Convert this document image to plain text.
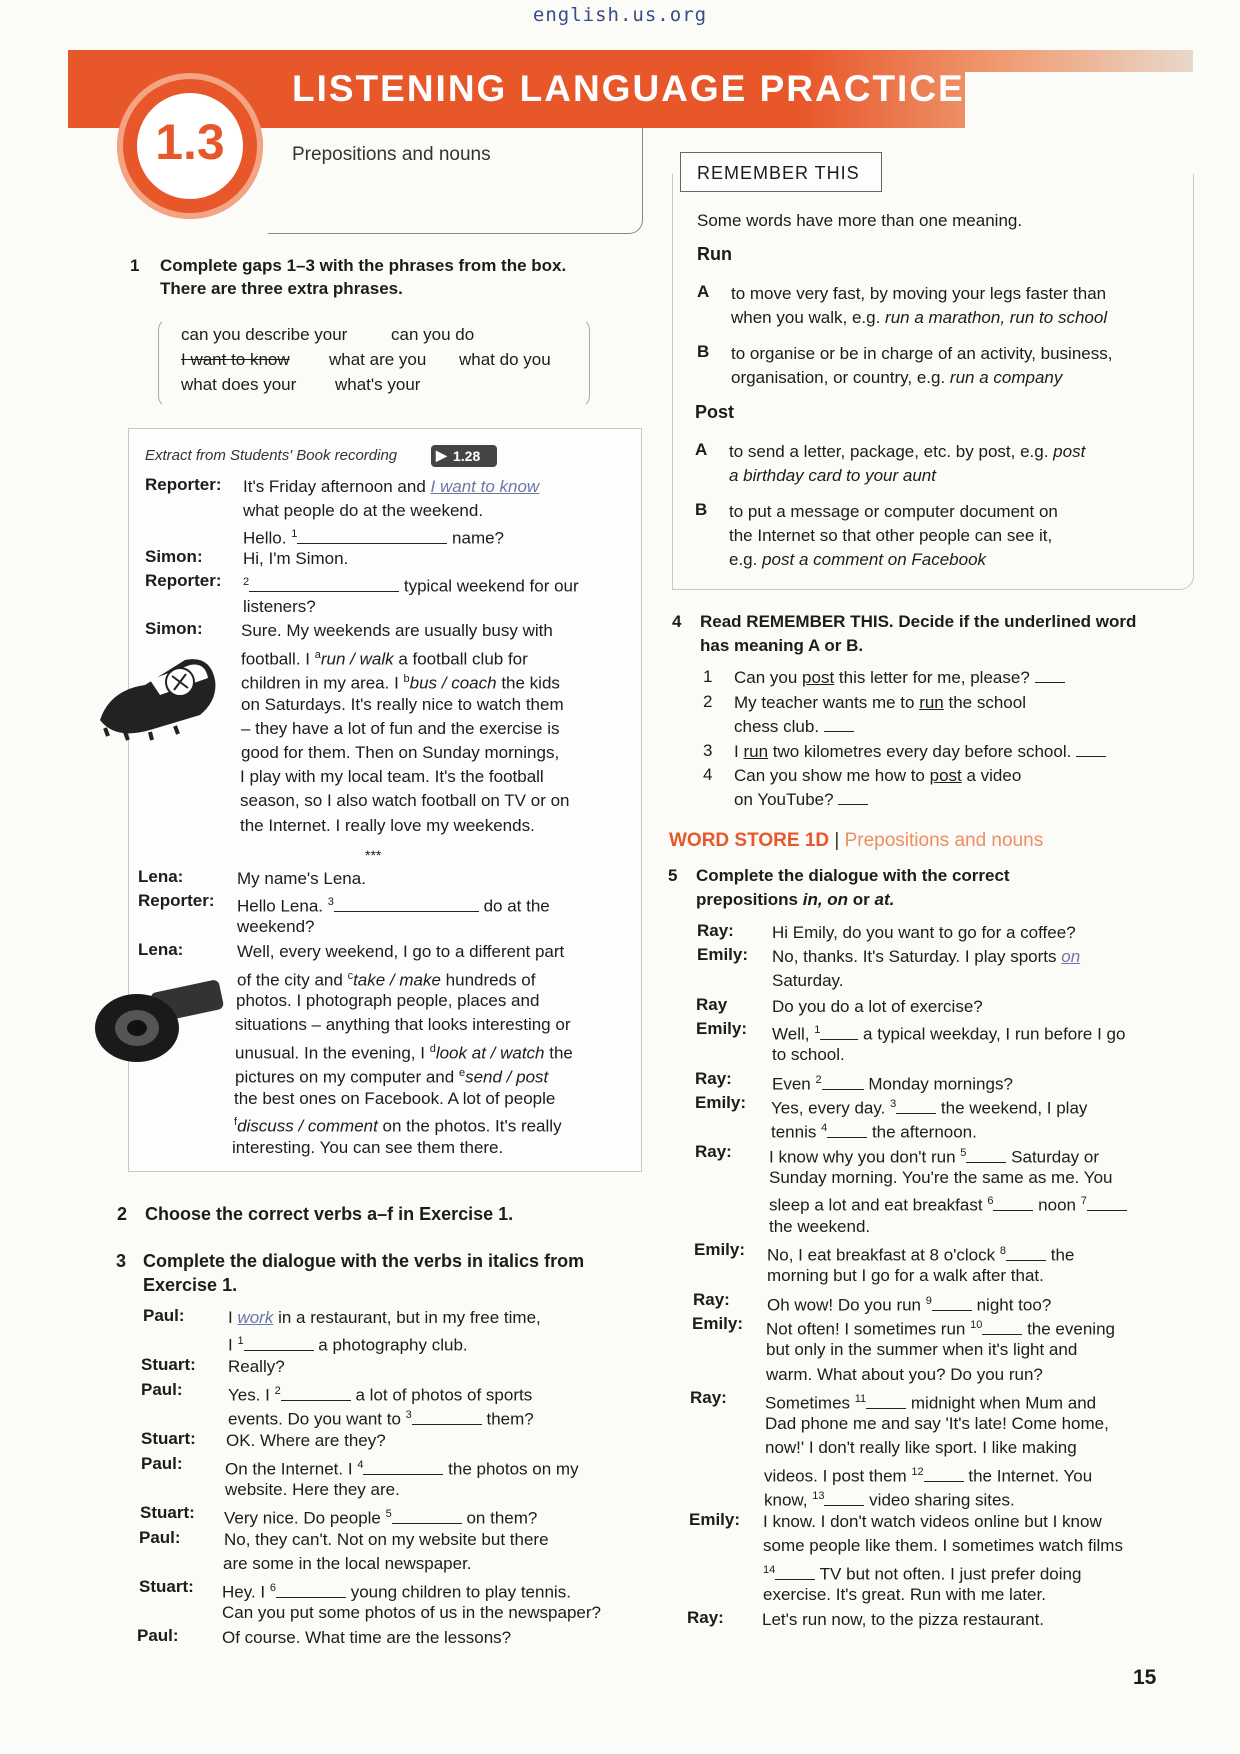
english.us.org
LISTENING LANGUAGE PRACTICE
1.3	Prepositions and nouns
1 Complete gaps 1–3 with the phrases from the box.
There are three extra phrases.
can you describe your	can you do
I want to know what are you what do you
what does your what's your
Extract from Students' Book recording	▶ 1.28
Reporter: It's Friday afternoon and I want to know
what people do at the weekend.
Hello. $^1$	name?
Simon: Hi, I'm Simon.
Reporter: $^2$	typical weekend for our
listeners?
Simon: Sure. My weekends are usually busy with
football. I $^a$run / walk a football club for
children in my area. I $^b$bus / coach the kids
on Saturdays. It's really nice to watch them
– they have a lot of fun and the exercise is
good for them. Then on Sunday mornings,
I play with my local team. It's the football
season, so I also watch football on TV or on
the Internet. I really love my weekends.
***
Lena:	My name's Lena.
Reporter: Hello Lena. $^3$	do at the
weekend?
Lena:	Well, every weekend, I go to a different part
of the city and $^c$take / make hundreds of
photos. I photograph people, places and
situations – anything that looks interesting or
unusual. In the evening, I $^d$look at / watch the
pictures on my computer and $^e$send / post
the best ones on Facebook. A lot of people
$^f$discuss / comment on the photos. It's really
interesting. You can see them there.
2 Choose the correct verbs a–f in Exercise 1.
3 Complete the dialogue with the verbs in italics from
Exercise 1.
Paul:	I work in a restaurant, but in my free time,
I $^1$	a photography club.
Stuart: Really?
Paul:	Yes. I $^2$	a lot of photos of sports
events. Do you want to $^3$	them?
Stuart: OK. Where are they?
Paul: On the Internet. I $^4$	the photos on my
website. Here they are.
Stuart: Very nice. Do people $^5$	on them?
Paul:	No, they can't. Not on my website but there
are some in the local newspaper.
Stuart: Hey. I $^6$	young children to play tennis.
Can you put some photos of us in the newspaper?
Paul:	Of course. What time are the lessons?
REMEMBER THIS
Some words have more than one meaning.
Run
A to move very fast, by moving your legs faster than
when you walk, e.g. run a marathon, run to school
B to organise or be in charge of an activity, business,
organisation, or country, e.g. run a company
Post
A to send a letter, package, etc. by post, e.g. post
a birthday card to your aunt
B to put a message or computer document on
the Internet so that other people can see it,
e.g. post a comment on Facebook
4 Read REMEMBER THIS. Decide if the underlined word
has meaning A or B.
1 Can you post this letter for me, please?
2 My teacher wants me to run the school
chess club.
3 I run two kilometres every day before school.
4 Can you show me how to post a video
on YouTube?
WORD STORE 1D | Prepositions and nouns
5 Complete the dialogue with the correct
prepositions in, on or at.
Ray: Hi Emily, do you want to go for a coffee?
Emily: No, thanks. It's Saturday. I play sports on
Saturday.
Ray	Do you do a lot of exercise?
Emily: Well, $^1$ a typical weekday, I run before I go
to school.
Ray: Even $^2$ Monday mornings?
Emily: Yes, every day. $^3$ the weekend, I play
tennis $^4$ the afternoon.
Ray: I know why you don't run $^5$ Saturday or
Sunday morning. You're the same as me. You
sleep a lot and eat breakfast $^6$ noon $^7$
the weekend.
Emily: No, I eat breakfast at 8 o'clock $^8$ the
morning but I go for a walk after that.
Ray: Oh wow! Do you run $^9$ night too?
Emily: Not often! I sometimes run $^{10}$ the evening
but only in the summer when it's light and
warm. What about you? Do you run?
Ray: Sometimes $^{11}$ midnight when Mum and
Dad phone me and say 'It's late! Come home,
now!' I don't really like sport. I like making
videos. I post them $^{12}$ the Internet. You
know, $^{13}$ video sharing sites.
Emily: I know. I don't watch videos online but I know
some people like them. I sometimes watch films
$^{14}$ TV but not often. I just prefer doing
exercise. It's great. Run with me later.
Ray: Let's run now, to the pizza restaurant.
15
